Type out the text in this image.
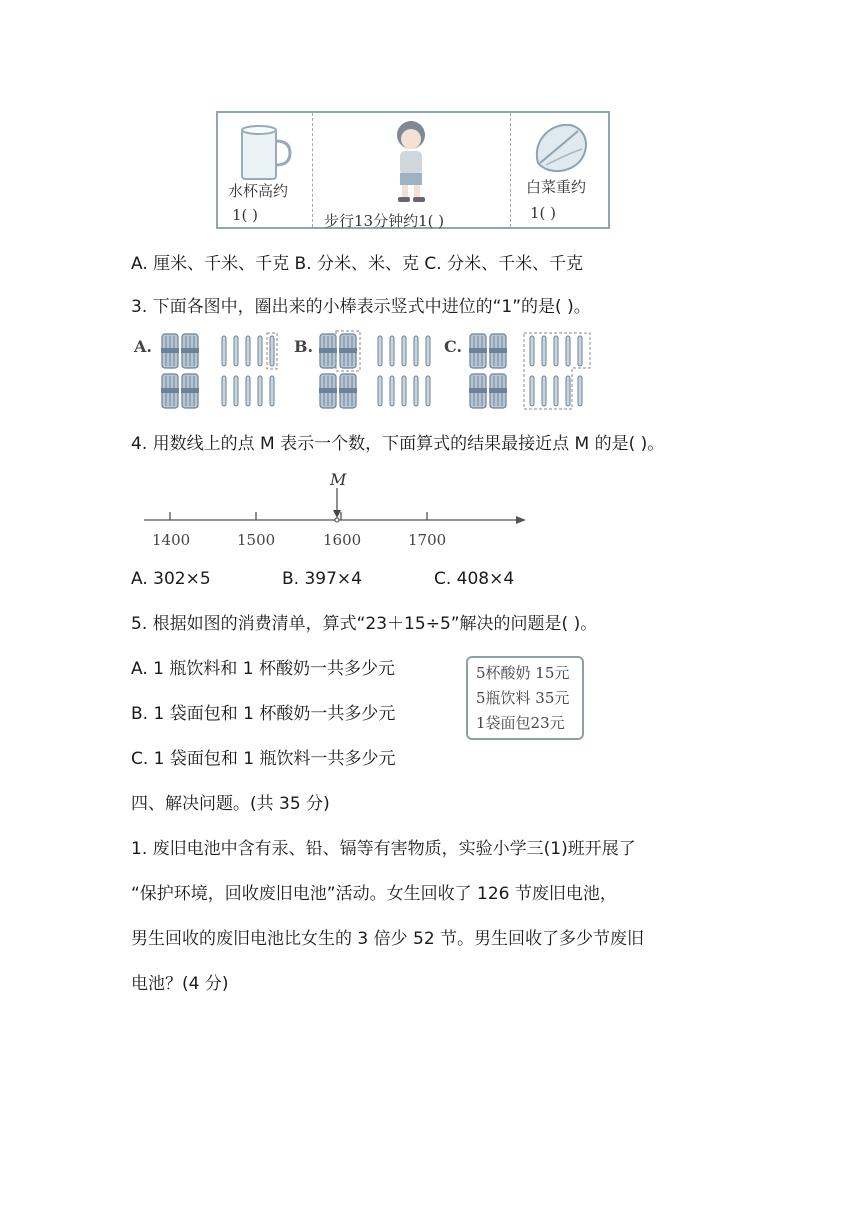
水杯高约
1( )	步行13分钟约1( )
白菜重约
1( )
A. 厘米、千米、千克 B. 分米、米、克 C. 分米、千米、千克
3. 下面各图中，圈出来的小棒表示竖式中进位的“1”的是( )。
A.	B.	C.
4. 用数线上的点 M 表示一个数，下面算式的结果最接近点 M 的是( )。
M
1400	1500	1600	1700
A. 302×5	B. 397×4	C. 408×4
5. 根据如图的消费清单，算式“23＋15÷5”解决的问题是( )。
A. 1 瓶饮料和 1 杯酸奶一共多少元
B. 1 袋面包和 1 杯酸奶一共多少元
C. 1 袋面包和 1 瓶饮料一共多少元
5杯酸奶 15元
5瓶饮料 35元
1袋面包23元
四、解决问题。(共 35 分)
1. 废旧电池中含有汞、铅、镉等有害物质，实验小学三(1)班开展了
“保护环境，回收废旧电池”活动。女生回收了 126 节废旧电池，
男生回收的废旧电池比女生的 3 倍少 52 节。男生回收了多少节废旧
电池？(4 分)
